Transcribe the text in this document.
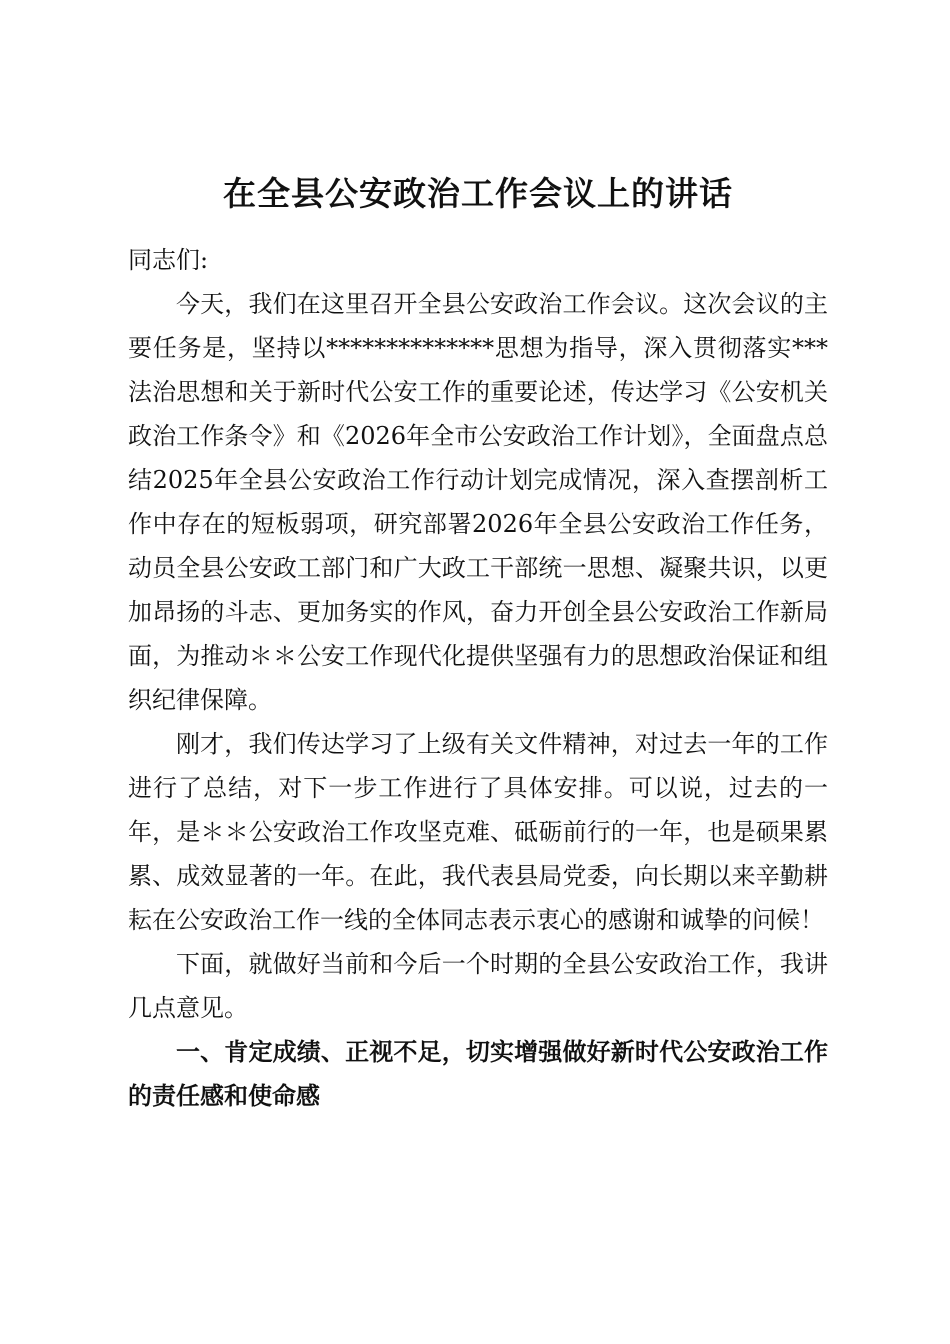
在全县公安政治工作会议上的讲话
同志们:

今天，我们在这里召开全县公安政治工作会议。这次会议的主要任务是，坚持以**************思想为指导，深入贯彻落实***法治思想和关于新时代公安工作的重要论述，传达学习《公安机关政治工作条令》和《2026年全市公安政治工作计划》，全面盘点总结2025年全县公安政治工作行动计划完成情况，深入查摆剖析工作中存在的短板弱项，研究部署2026年全县公安政治工作任务，动员全县公安政工部门和广大政工干部统一思想、凝聚共识，以更加昂扬的斗志、更加务实的作风，奋力开创全县公安政治工作新局面，为推动＊＊公安工作现代化提供坚强有力的思想政治保证和组织纪律保障。

刚才，我们传达学习了上级有关文件精神，对过去一年的工作进行了总结，对下一步工作进行了具体安排。可以说，过去的一年，是＊＊公安政治工作攻坚克难、砥砺前行的一年，也是硕果累累、成效显著的一年。在此，我代表县局党委，向长期以来辛勤耕耘在公安政治工作一线的全体同志表示衷心的感谢和诚挚的问候！

下面，就做好当前和今后一个时期的全县公安政治工作，我讲几点意见。

一、肯定成绩、正视不足，切实增强做好新时代公安政治工作的责任感和使命感
